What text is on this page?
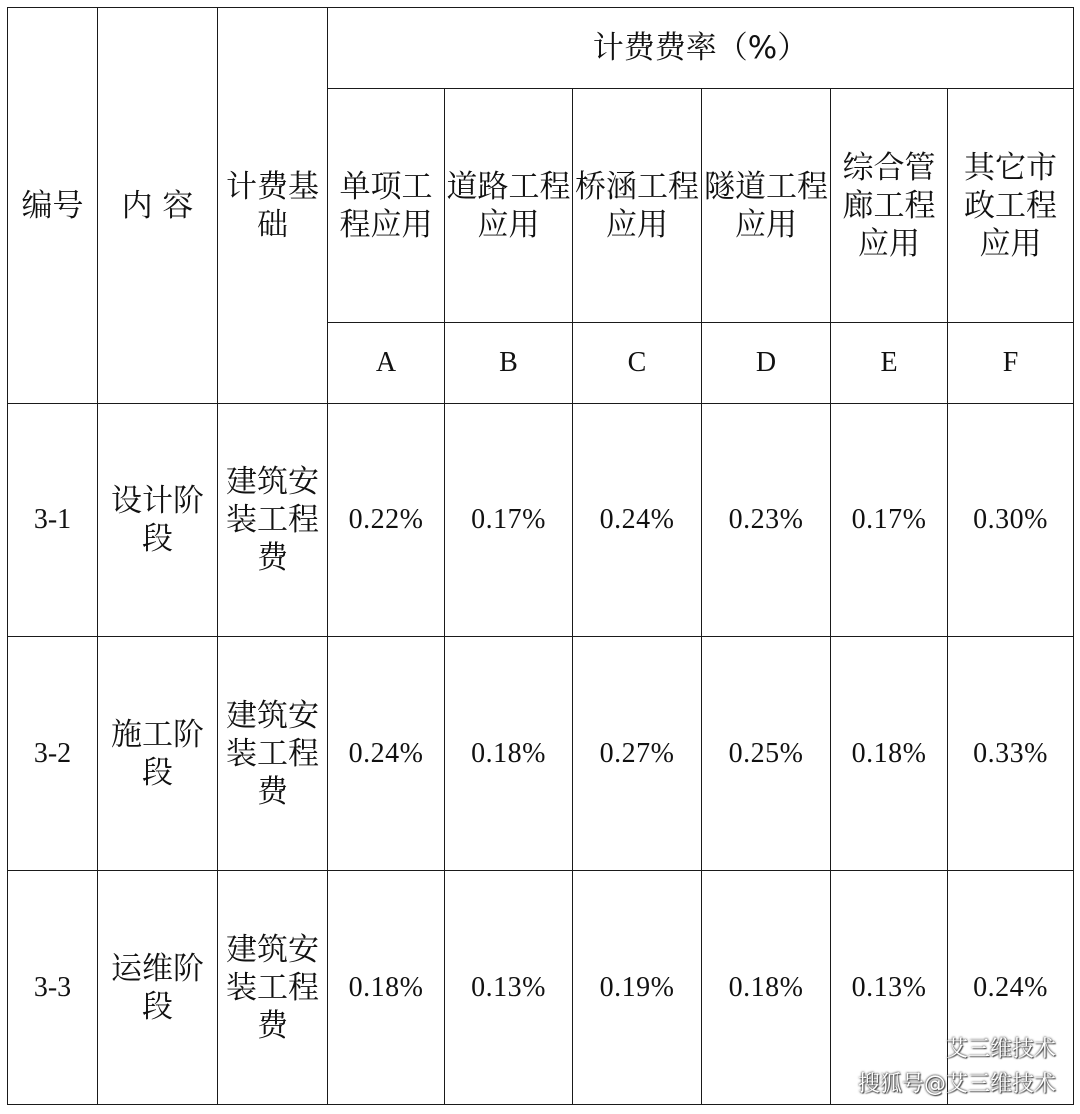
编号	内 容	计费基础	计费费率（%）					
			单项工程应用	道路工程应用	桥涵工程应用	隧道工程应用	综合管廊工程应用	其它市政工程应用
			A	B	C	D	E	F
3-1	设计阶段	建筑安装工程费	0.22%	0.17%	0.24%	0.23%	0.17%	0.30%
3-2	施工阶段	建筑安装工程费	0.24%	0.18%	0.27%	0.25%	0.18%	0.33%
3-3	运维阶段	建筑安装工程费	0.18%	0.13%	0.19%	0.18%	0.13%	0.24%
艾三维技术
搜狐号@艾三维技术
